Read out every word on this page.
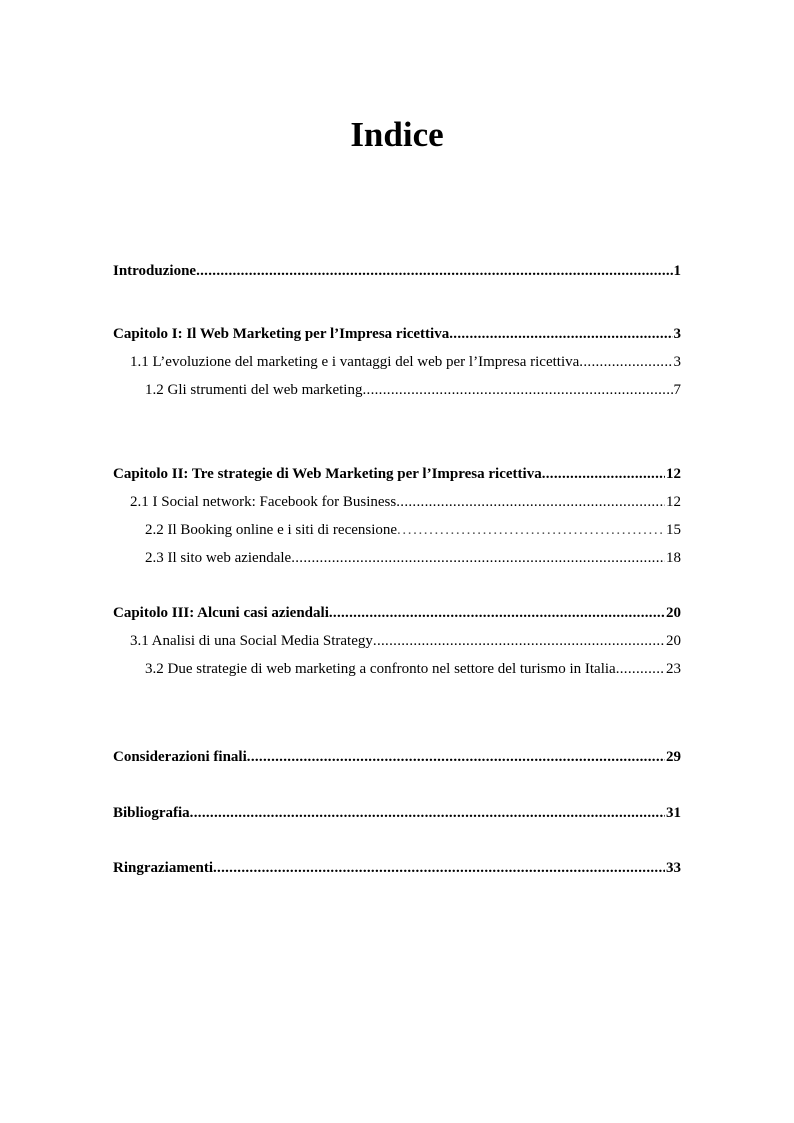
Indice
Introduzione .....	1
Capitolo I: Il Web Marketing per l’Impresa ricettiva .....	3
1.1 L’evoluzione del marketing e i vantaggi del web per l’Impresa ricettiva .....	3
1.2 Gli strumenti del web marketing .....	7
Capitolo II: Tre strategie di Web Marketing per l’Impresa ricettiva .....	12
2.1 I Social network: Facebook for Business .....	12
2.2 Il Booking online e i siti di recensione .....	15
2.3 Il sito web aziendale .....	18
Capitolo III: Alcuni casi aziendali .....	20
3.1 Analisi di una Social Media Strategy .....	20
3.2 Due strategie di web marketing a confronto nel settore del turismo in Italia .....	23
Considerazioni finali .....	29
Bibliografia .....	31
Ringraziamenti .....	33
